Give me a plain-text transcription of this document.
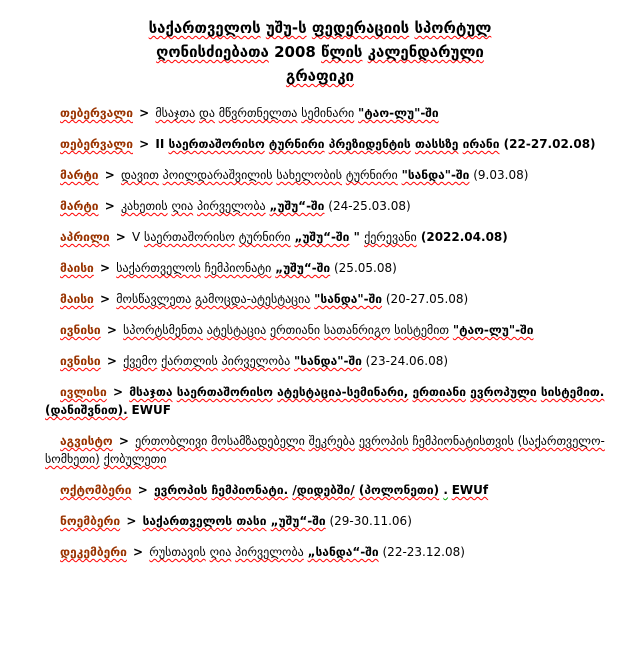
საქართველოს უშუ-ს ფედერაციის სპორტულ
ღონისძიებათა 2008 წლის კალენდარული
გრაფიკი
თებერვალი > მსაჯთა და მწვრთნელთა სემინარი "ტაო-ლუ"-ში
თებერვალი > II საერთაშორისო ტურნირი პრეზიდენტის თასსზე ირანი (22-27.02.08)
მარტი > დავით პოილდარაშვილის სახელობის ტურნირი "სანდა"-ში (9.03.08)
მარტი > კახეთის ღია პირველობა „უშუ“-ში (24-25.03.08)
აპრილი > V საერთაშორისო ტურნირი „უშუ“-ში " ქერევანი (2022.04.08)
მაისი > საქართველოს ჩემპიონატი „უშუ“-ში (25.05.08)
მაისი > მოსწავლეთა გამოცდა-ატესტაცია "სანდა"-ში (20-27.05.08)
ივნისი > სპორტსმენთა ატესტაცია ერთიანი სათანრიგო სისტემით "ტაო-ლუ"-ში
ივნისი > ქვემო ქართლის პირველობა "სანდა"-ში (23-24.06.08)
ივლისი > მსაჯთა საერთაშორისო ატესტაცია-სემინარი, ერთიანი ევროპული სისტემით. (დანიშვნით). EWUF
აგვისტო > ერთობლივი მოსამზადებელი შეკრება ევროპის ჩემპიონატისთვის (საქართველო-სომხეთი) ქობულეთი
ოქტომბერი > ევროპის ჩემპიონატი. /დიდებში/ (პოლონეთი) . EWUf
ნოემბერი > საქართველოს თასი „უშუ“-ში (29-30.11.06)
დეკემბერი > რუსთავის ღია პირველობა „სანდა“-ში (22-23.12.08)
